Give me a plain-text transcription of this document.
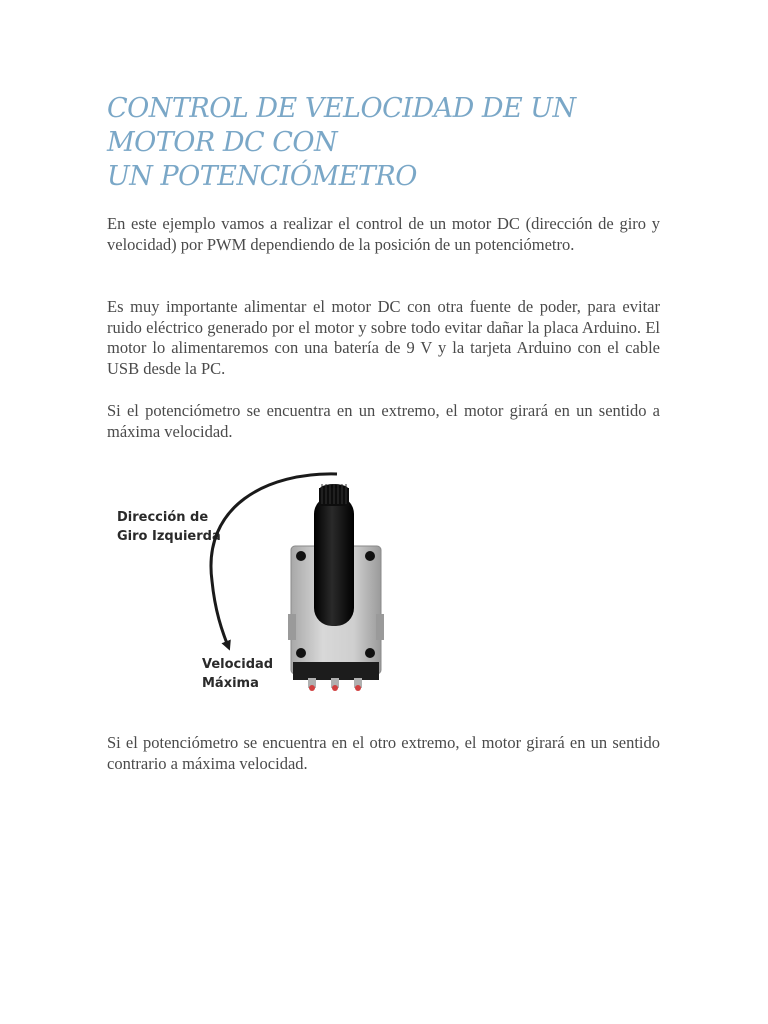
CONTROL DE VELOCIDAD DE UN
MOTOR DC CON
UN POTENCIÓMETRO

En este ejemplo vamos a realizar el control de un motor DC (dirección de giro y velocidad) por PWM dependiendo de la posición de un potenciómetro.

Es muy importante alimentar el motor DC con otra fuente de poder, para evitar ruido eléctrico generado por el motor y sobre todo evitar dañar la placa Arduino. El motor lo alimentaremos con una batería de 9 V y la tarjeta Arduino con el cable USB desde la PC.

Si el potenciómetro se encuentra en un extremo, el motor girará en un sentido a máxima velocidad.

Dirección de
Giro Izquierda
Velocidad
Máxima

Si el potenciómetro se encuentra en el otro extremo, el motor girará en un sentido contrario a máxima velocidad.
